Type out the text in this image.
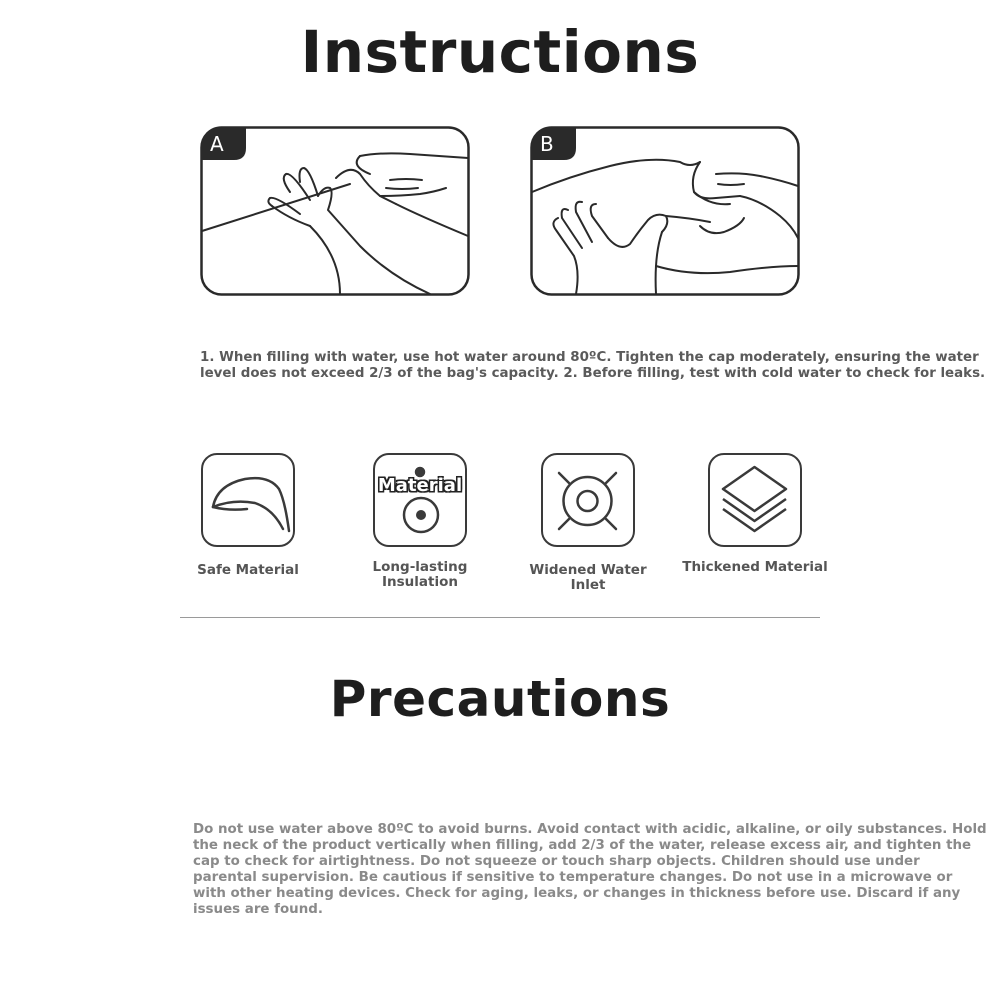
Instructions
A	B

1. When filling with water, use hot water around 80ºC. Tighten the cap moderately, ensuring the water level does not exceed 2/3 of the bag's capacity. 2. Before filling, test with cold water to check for leaks.

Safe Material
Material
Long-lasting Insulation
Widened Water Inlet
Thickened Material
Precautions

Do not use water above 80ºC to avoid burns. Avoid contact with acidic, alkaline, or oily substances. Hold the neck of the product vertically when filling, add 2/3 of the water, release excess air, and tighten the cap to check for airtightness. Do not squeeze or touch sharp objects. Children should use under parental supervision. Be cautious if sensitive to temperature changes. Do not use in a microwave or with other heating devices. Check for aging, leaks, or changes in thickness before use. Discard if any issues are found.
